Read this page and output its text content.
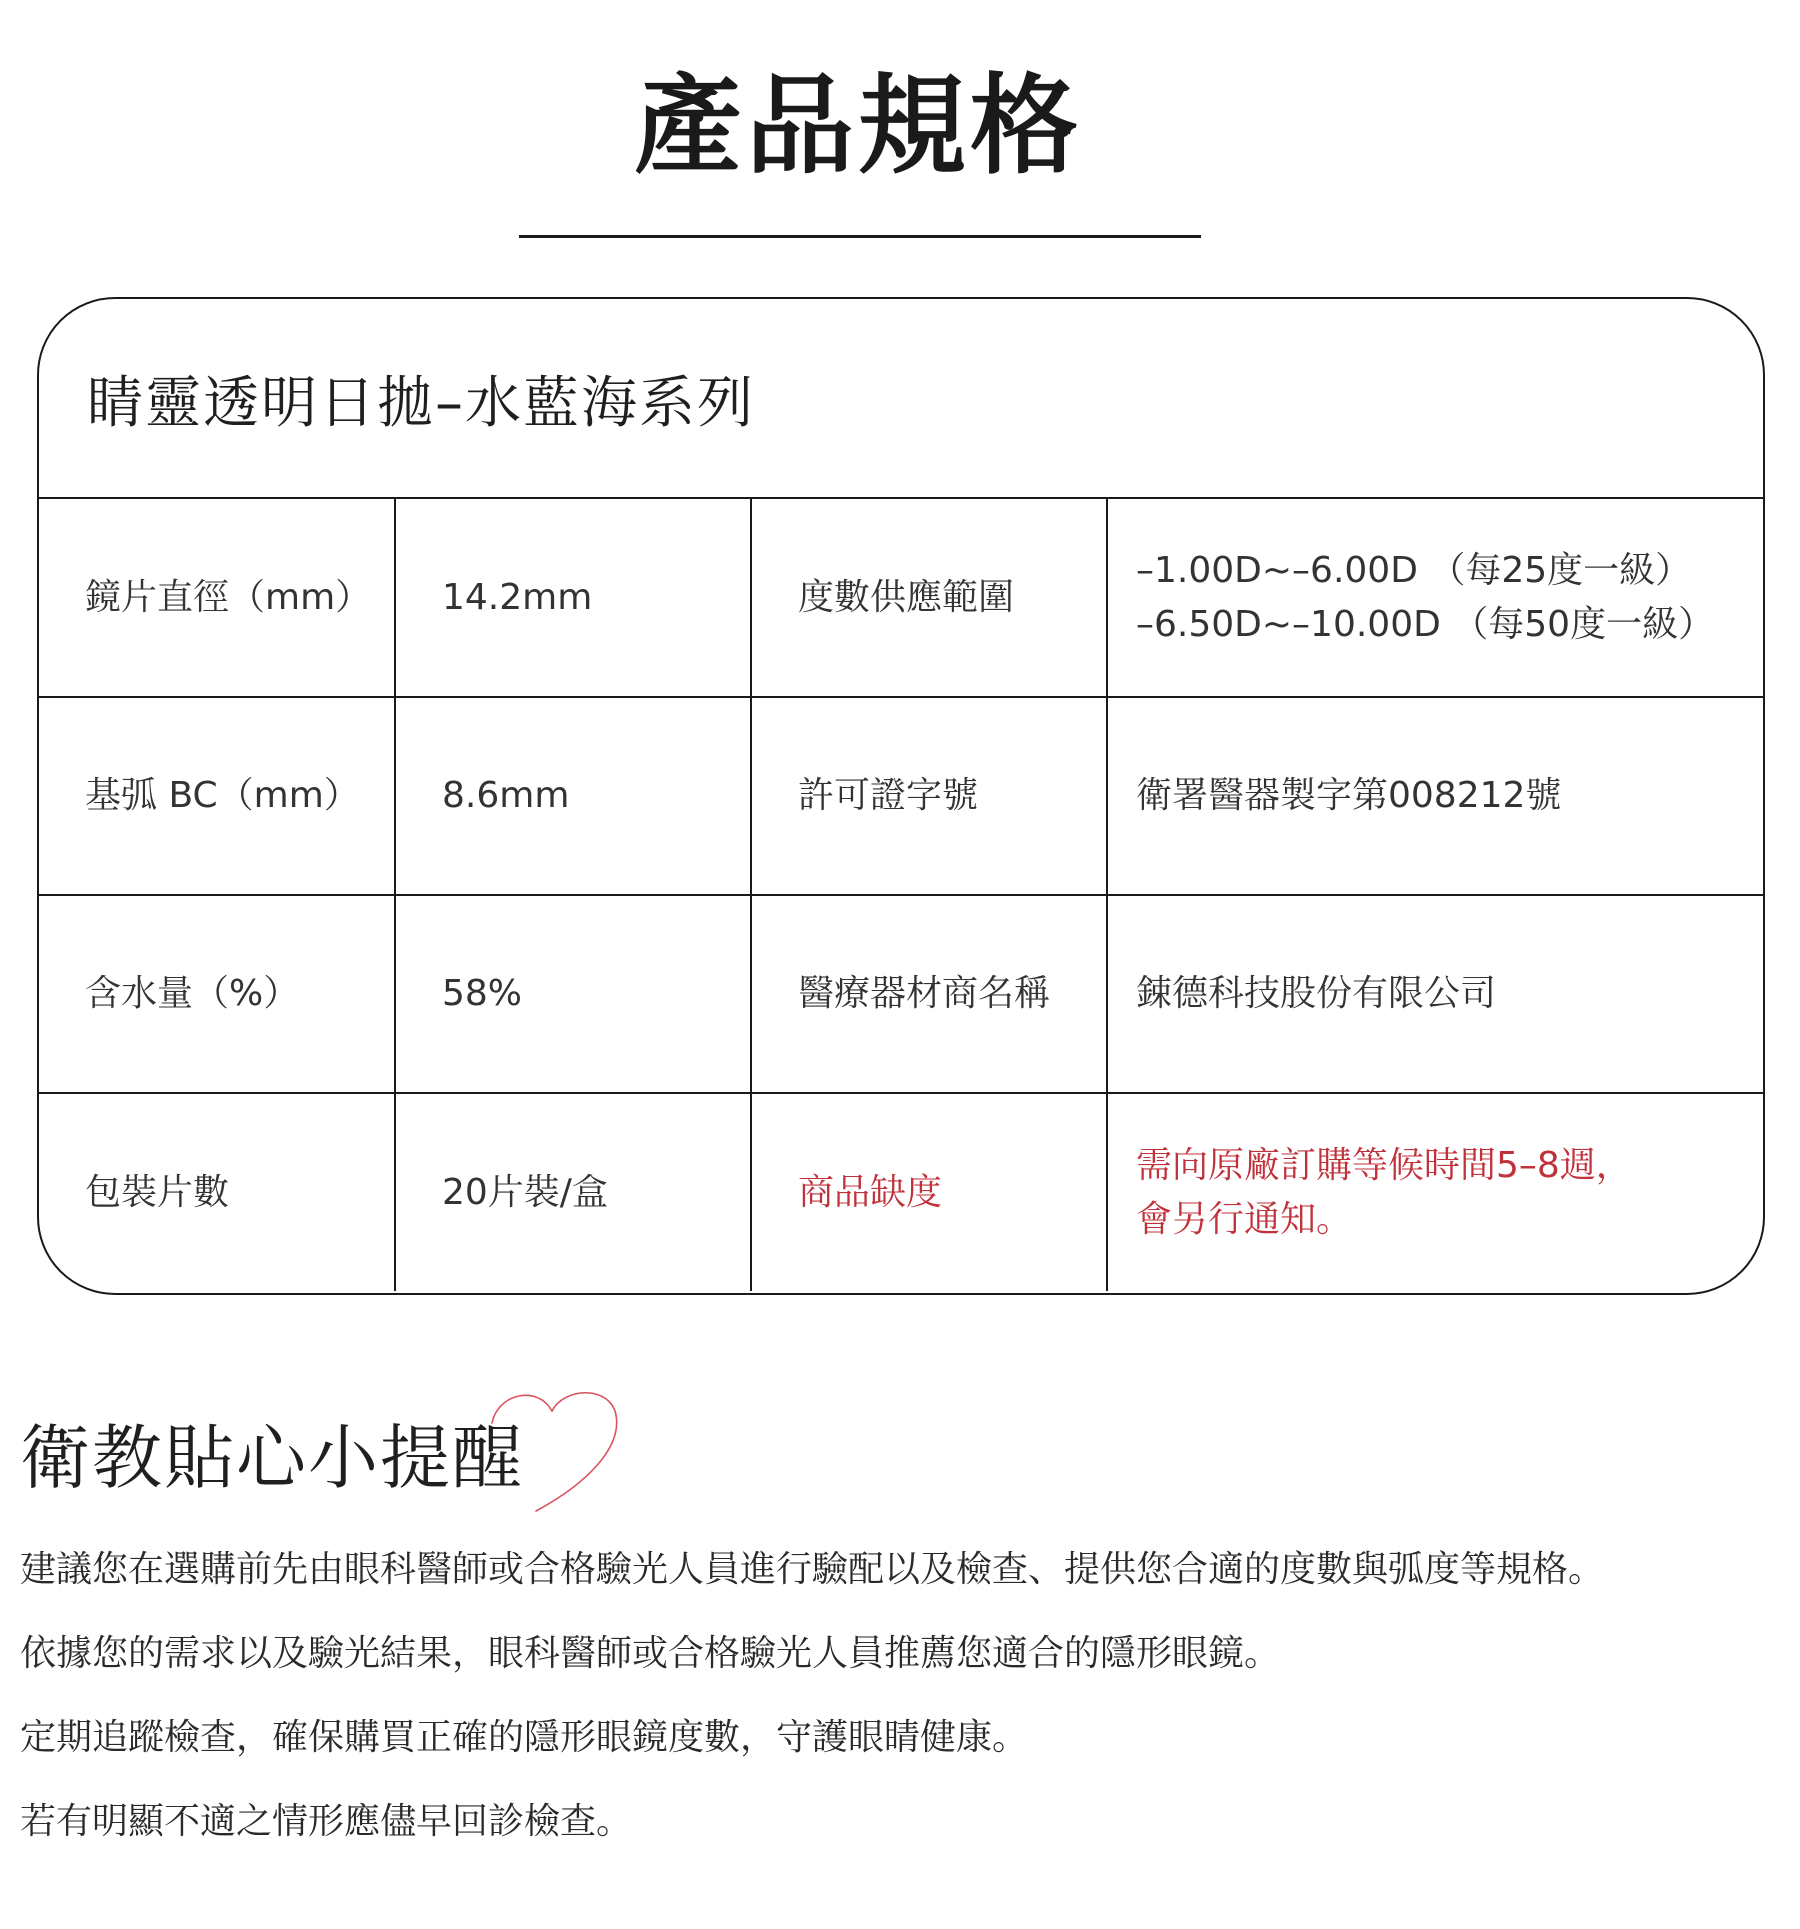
產品規格
睛靈透明日拋–水藍海系列
鏡片直徑（mm）	14.2mm	度數供應範圍	–1.00D~–6.00D （每25度一級）
–6.50D~–10.00D （每50度一級）

基弧 BC（mm）	8.6mm	許可證字號	衛署醫器製字第008212號
含水量（%）	58%	醫療器材商名稱	鋉德科技股份有限公司
包裝片數	20片裝/盒	商品缺度	需向原廠訂購等候時間5–8週，
會另行通知。
衛教貼心小提醒
建議您在選購前先由眼科醫師或合格驗光人員進行驗配以及檢查、提供您合適的度數與弧度等規格。
依據您的需求以及驗光結果，眼科醫師或合格驗光人員推薦您適合的隱形眼鏡。
定期追蹤檢查，確保購買正確的隱形眼鏡度數，守護眼睛健康。
若有明顯不適之情形應儘早回診檢查。
